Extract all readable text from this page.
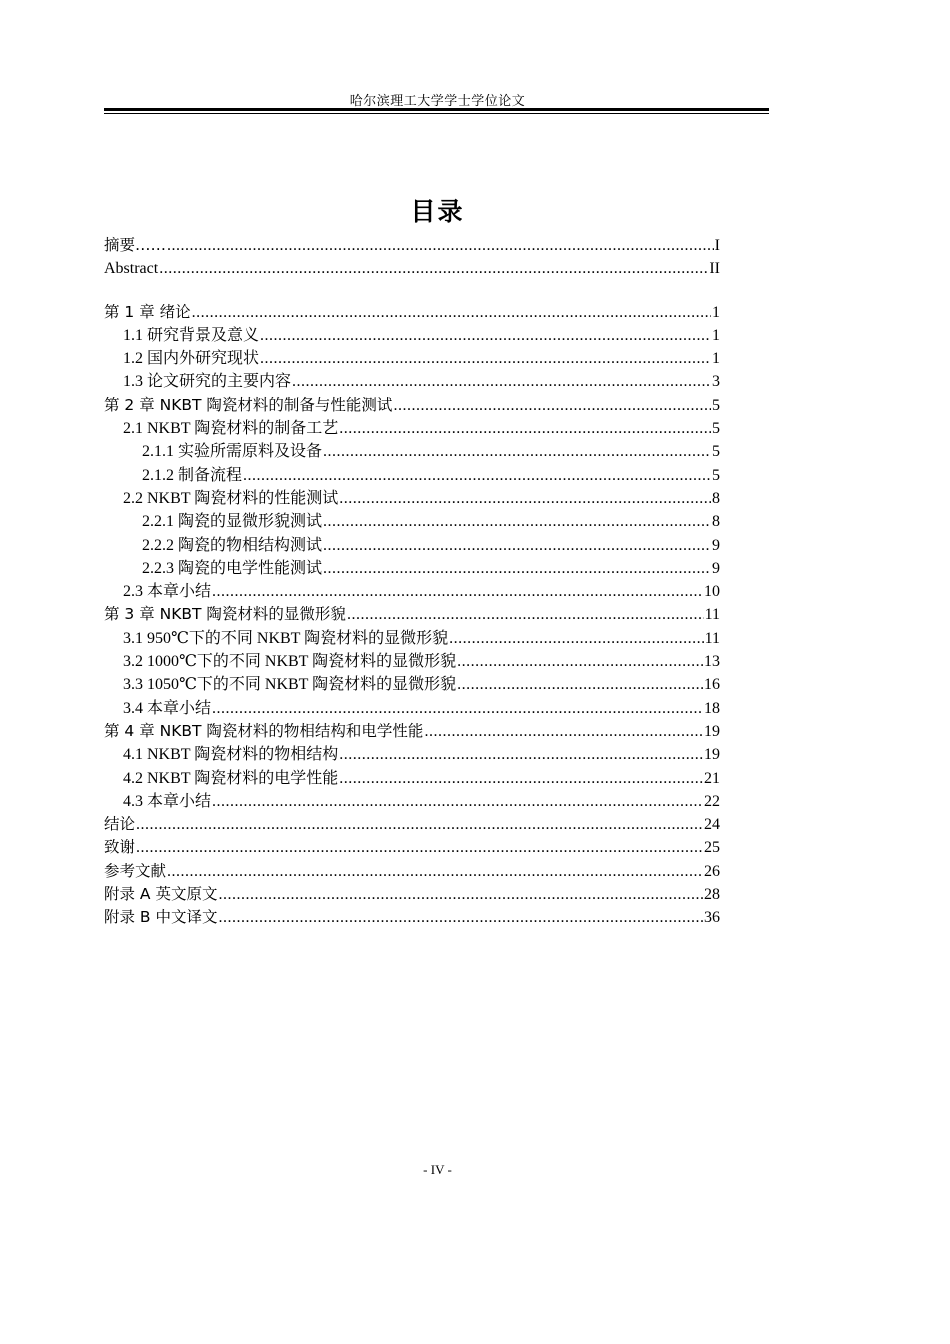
哈尔滨理工大学学士学位论文
目录
摘要…… .....	I
Abstract .....	II
第 1 章 绪论 .....	1
1.1 研究背景及意义 .....	1
1.2 国内外研究现状 .....	1
1.3 论文研究的主要内容 .....	3
第 2 章 NKBT 陶瓷材料的制备与性能测试 .....	5
2.1 NKBT 陶瓷材料的制备工艺 .....	5
2.1.1 实验所需原料及设备 .....	5
2.1.2 制备流程 .....	5
2.2 NKBT 陶瓷材料的性能测试 .....	8
2.2.1 陶瓷的显微形貌测试 .....	8
2.2.2 陶瓷的物相结构测试 .....	9
2.2.3 陶瓷的电学性能测试 .....	9
2.3 本章小结 .....	10
第 3 章 NKBT 陶瓷材料的显微形貌 .....	11
3.1 950℃下的不同 NKBT 陶瓷材料的显微形貌 .....	11
3.2 1000℃下的不同 NKBT 陶瓷材料的显微形貌 .....	13
3.3 1050℃下的不同 NKBT 陶瓷材料的显微形貌 .....	16
3.4 本章小结 .....	18
第 4 章 NKBT 陶瓷材料的物相结构和电学性能 .....	19
4.1 NKBT 陶瓷材料的物相结构 .....	19
4.2 NKBT 陶瓷材料的电学性能 .....	21
4.3 本章小结 .....	22
结论 .....	24
致谢 .....	25
参考文献 .....	26
附录 A 英文原文 .....	28
附录 B 中文译文 .....	36
- IV -
